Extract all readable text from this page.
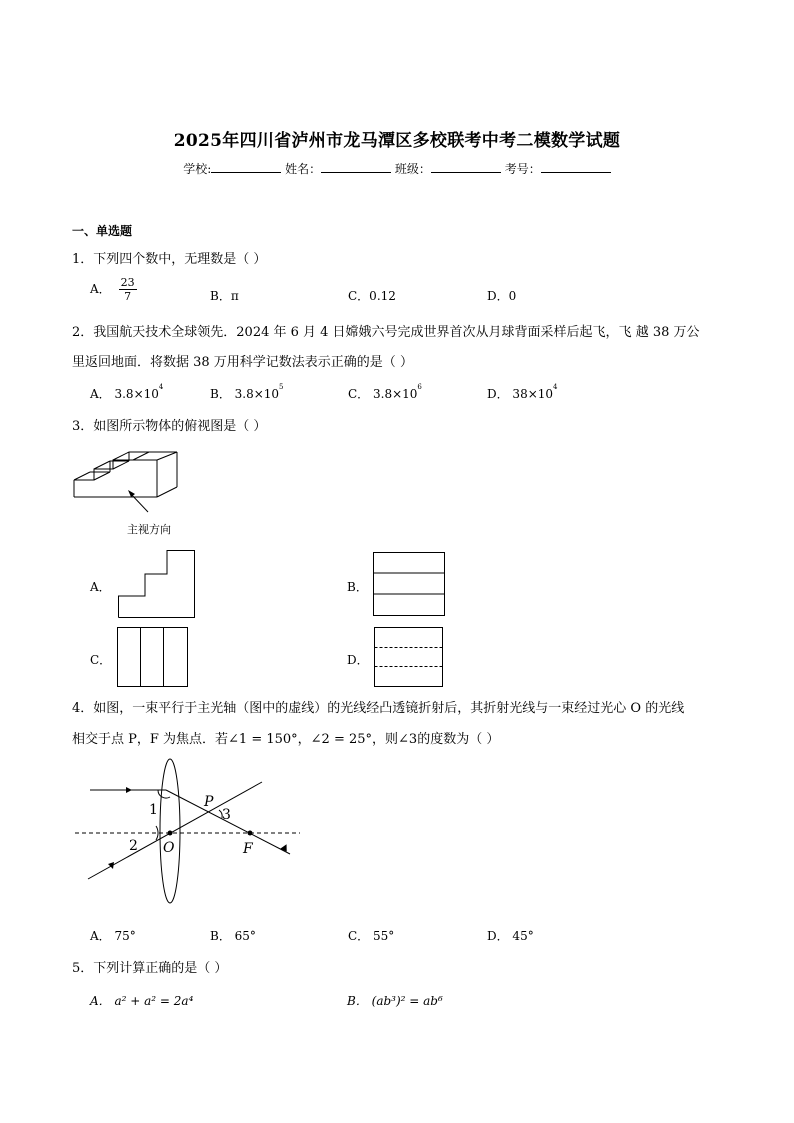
2025年四川省泸州市龙马潭区多校联考中考二模数学试题
学校:	姓名：	班级：	考号：
一、单选题
1．下列四个数中，无理数是（ ）
A． $\frac{23}{7}$	B．π	C．0.12	D．0
2．我国航天技术全球领先．2024 年 6 月 4 日嫦娥六号完成世界首次从月球背面采样后起飞，飞 越 38 万公
里返回地面．将数据 38 万用科学记数法表示正确的是（ ）
A． $3.8\times 10^4$	B． $3.8\times 10^5$	C． $3.8\times 10^6$	D． $38\times 10^4$
3．如图所示物体的俯视图是（ ）
主视方向
A．	B．
C．	D．
4．如图，一束平行于主光轴（图中的虚线）的光线经凸透镜折射后，其折射光线与一束经过光心 O 的光线
相交于点 P，F 为焦点．若∠1 = 150°，∠2 = 25°，则∠3的度数为（ ）
1
2
3
P
O	F
A． 75°	B． 65°	C． 55°	D． 45°
5．下列计算正确的是（ ）
A． a² + a² = 2a⁴	B． (ab³)² = ab⁶
